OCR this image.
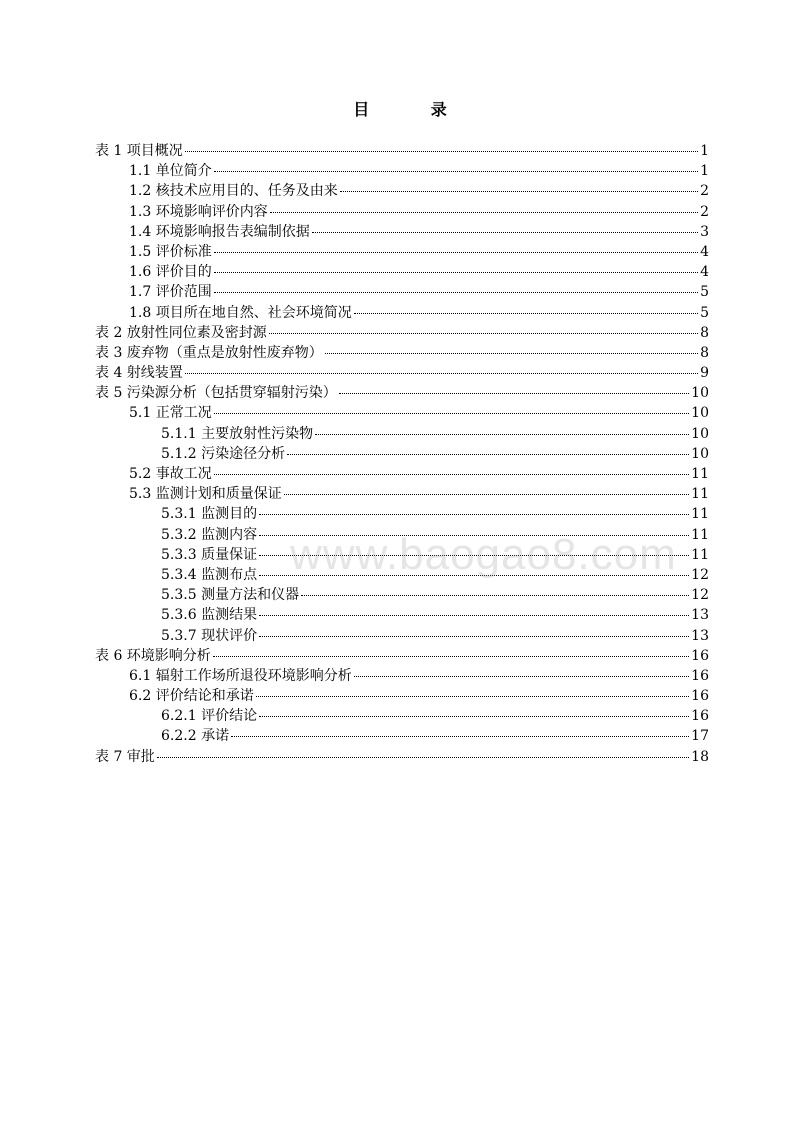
目 录
表 1 项目概况	1
1.1 单位简介	1
1.2 核技术应用目的、任务及由来	2
1.3 环境影响评价内容	2
1.4 环境影响报告表编制依据	3
1.5 评价标准	4
1.6 评价目的	4
1.7 评价范围	5
1.8 项目所在地自然、社会环境简况	5
表 2 放射性同位素及密封源	8
表 3 废弃物（重点是放射性废弃物）	8
表 4 射线装置	9
表 5 污染源分析（包括贯穿辐射污染）	10
5.1 正常工况	10
5.1.1 主要放射性污染物	10
5.1.2 污染途径分析	10
5.2 事故工况	11
5.3 监测计划和质量保证	11
5.3.1 监测目的	11
5.3.2 监测内容	11
5.3.3 质量保证	11
5.3.4 监测布点	12
5.3.5 测量方法和仪器	12
5.3.6 监测结果	13
5.3.7 现状评价	13
表 6 环境影响分析	16
6.1 辐射工作场所退役环境影响分析	16
6.2 评价结论和承诺	16
6.2.1 评价结论	16
6.2.2 承诺	17
表 7 审批	18
www.baogao8.com
